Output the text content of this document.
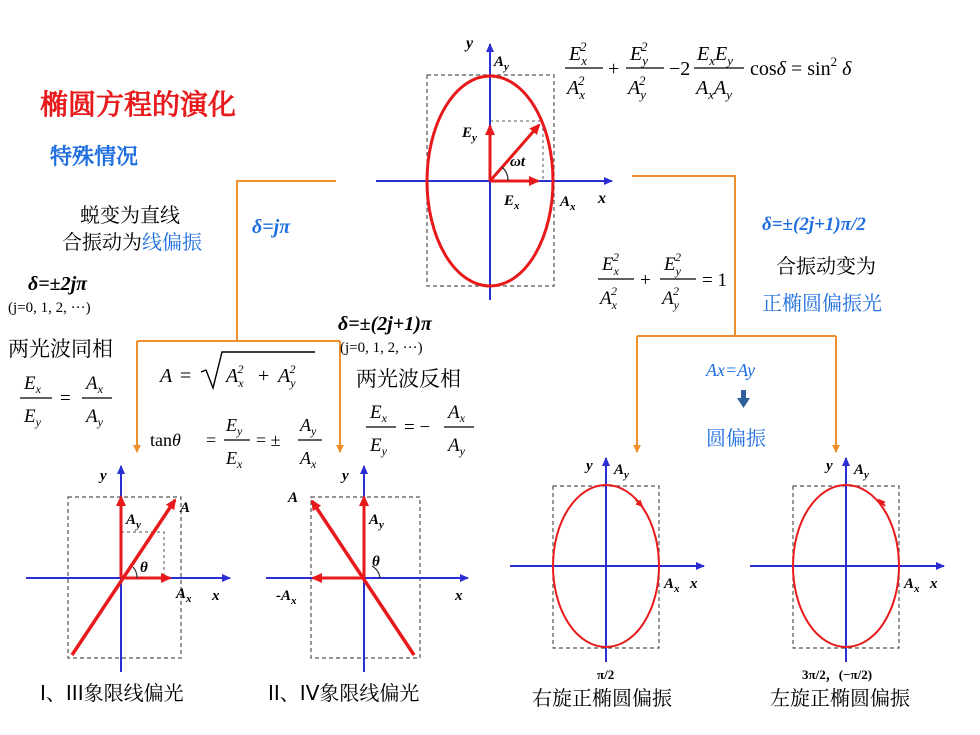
椭圆方程的演化
特殊情况
y
x
$A_y$
$A_x$
$E_y$
$E_x$
ωt
$E_x2$
$A_x2$
+
$E_y2$
$A_y2$
−2
$E_xE_y$
$A_xA_y$
$\cos\delta = \sin^2 \delta$
蜕变为直线
合振动为线偏振
δ=jπ
δ=±2jπ
(j=0, 1, 2, ···)
两光波同相
$E_x$
$E_y$
=
$A_x$
$A_y$
$A = A_x2 + A_y2$
tanθ =
$E_y$
$E_x$
= ±
$A_y$
$A_x$
δ=±(2j+1)π
(j=0, 1, 2, ···)
两光波反相
$E_x$
$E_y$
= −
$A_x$
$A_y$
δ=±(2j+1)π/2
$E_x2$
$A_x2$ +
$E_y2$
$A_y2 = 1$
合振动变为
正椭圆偏振光
Ax=Ay
圆偏振
y
x
A
$A_y$
$A_x$
θ
I、III象限线偏光
y
x
A
$A_y$
$-A_x$
θ
II、IV象限线偏光
y
x
$A_y$
$A_x$
π/2
右旋正椭圆偏振
y
x
$A_y$
$A_x$
3π/2，(−π/2)
左旋正椭圆偏振
